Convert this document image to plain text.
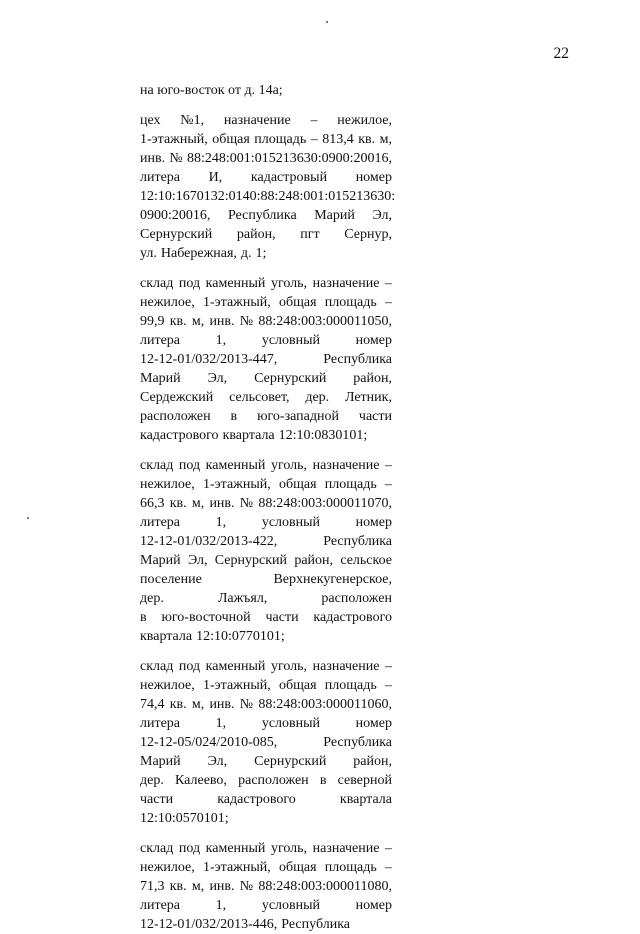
22
на юго-восток от д. 14а;
цех №1, назначение – нежилое,
1-этажный, общая площадь – 813,4 кв. м,
инв. № 88:248:001:015213630:0900:20016,
литера И, кадастровый номер
12:10:1670132:0140:88:248:001:015213630:
0900:20016, Республика Марий Эл,
Сернурский район, пгт Сернур,
ул. Набережная, д. 1;
склад под каменный уголь, назначение –
нежилое, 1-этажный, общая площадь –
99,9 кв. м, инв. № 88:248:003:000011050,
литера	1,	условный	номер
12-12-01/032/2013-447,	Республика
Марий Эл, Сернурский район,
Сердежский сельсовет, дер. Летник,
расположен в юго-западной части
кадастрового квартала 12:10:0830101;
склад под каменный уголь, назначение –
нежилое, 1-этажный, общая площадь –
66,3 кв. м, инв. № 88:248:003:000011070,
литера	1,	условный	номер
12-12-01/032/2013-422,	Республика
Марий Эл, Сернурский район, сельское
поселение	Верхнекугенерское,
дер.	Лажъял,	расположен
в юго-восточной части кадастрового
квартала 12:10:0770101;
склад под каменный уголь, назначение –
нежилое, 1-этажный, общая площадь –
74,4 кв. м, инв. № 88:248:003:000011060,
литера	1,	условный	номер
12-12-05/024/2010-085,	Республика
Марий Эл, Сернурский район,
дер. Калеево, расположен в северной
части	кадастрового	квартала
12:10:0570101;
склад под каменный уголь, назначение –
нежилое, 1-этажный, общая площадь –
71,3 кв. м, инв. № 88:248:003:000011080,
литера	1,	условный	номер
12-12-01/032/2013-446, Республика
